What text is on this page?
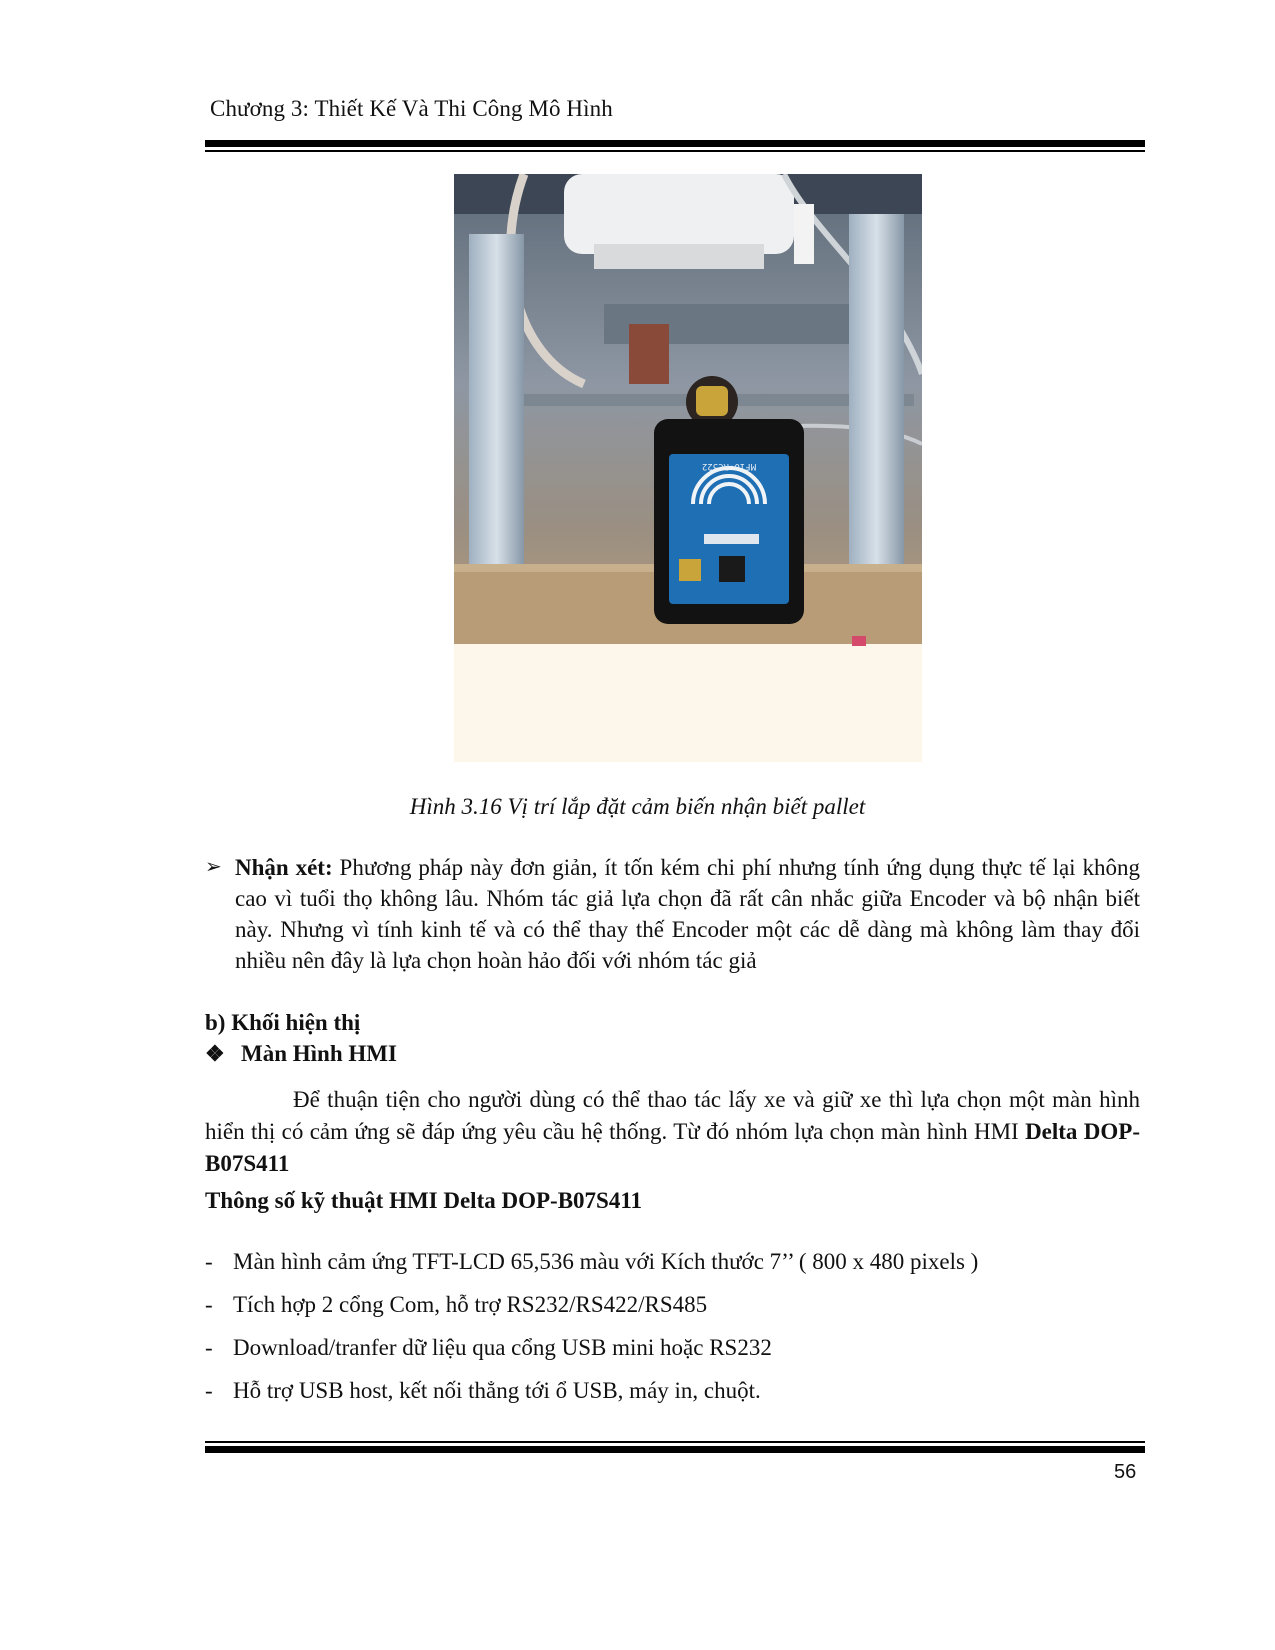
Chương 3: Thiết Kế Và Thi Công Mô Hình
MF10-RC522
Hình 3.16 Vị trí lắp đặt cảm biến nhận biết pallet
➢ Nhận xét: Phương pháp này đơn giản, ít tốn kém chi phí nhưng tính ứng dụng thực tế lại không cao vì tuổi thọ không lâu. Nhóm tác giả lựa chọn đã rất cân nhắc giữa Encoder và bộ nhận biết này. Nhưng vì tính kinh tế và có thể thay thế Encoder một các dễ dàng mà không làm thay đổi nhiều nên đây là lựa chọn hoàn hảo đối với nhóm tác giả
b) Khối hiện thị
❖ Màn Hình HMI
Để thuận tiện cho người dùng có thể thao tác lấy xe và giữ xe thì lựa chọn một màn hình hiển thị có cảm ứng sẽ đáp ứng yêu cầu hệ thống. Từ đó nhóm lựa chọn màn hình HMI Delta DOP-B07S411
Thông số kỹ thuật HMI Delta DOP-B07S411
- Màn hình cảm ứng TFT-LCD 65,536 màu với Kích thước 7’’ ( 800 x 480 pixels )
- Tích hợp 2 cổng Com, hỗ trợ RS232/RS422/RS485
- Download/tranfer dữ liệu qua cổng USB mini hoặc RS232
- Hỗ trợ USB host, kết nối thẳng tới ổ USB, máy in, chuột.
56
